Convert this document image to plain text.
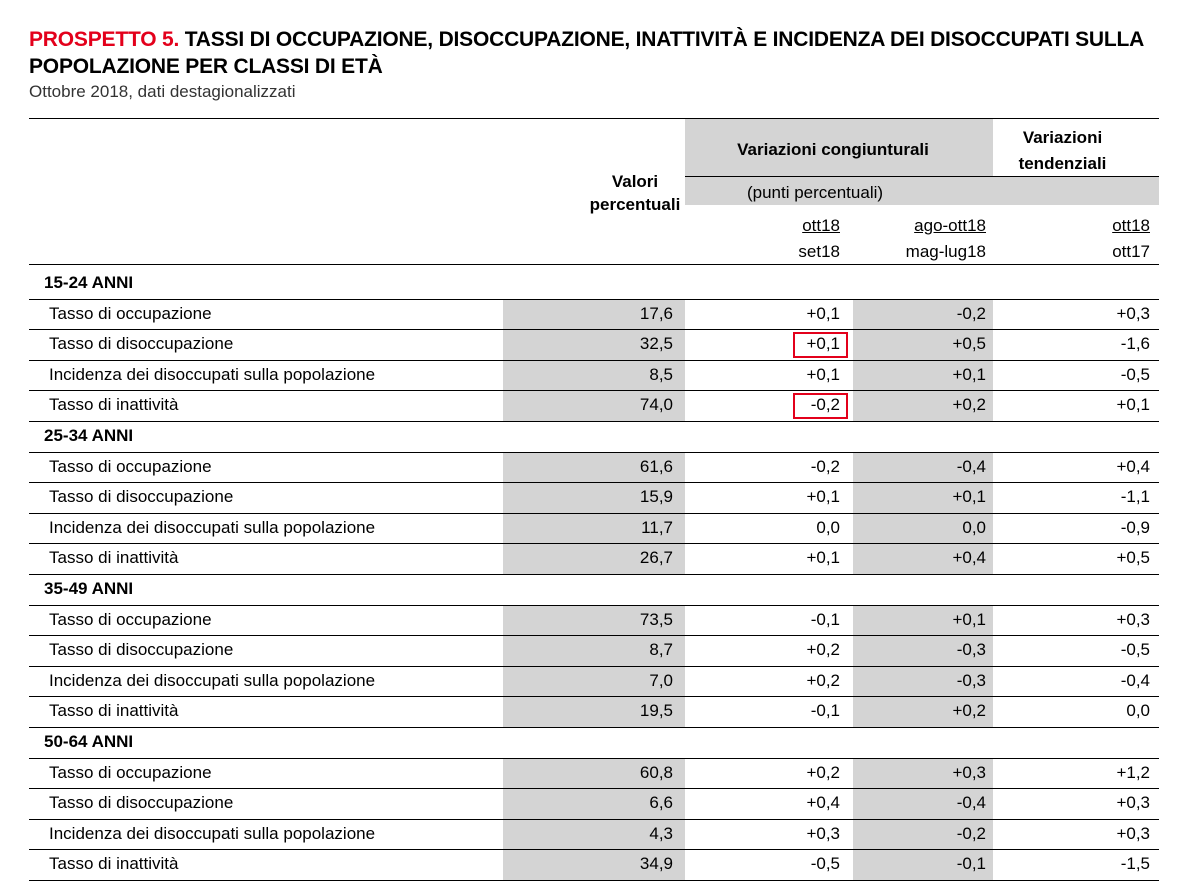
PROSPETTO 5. TASSI DI OCCUPAZIONE, DISOCCUPAZIONE, INATTIVITÀ E INCIDENZA DEI DISOCCUPATI SULLA POPOLAZIONE PER CLASSI DI ETÀ
Ottobre 2018, dati destagionalizzati
Valori percentuali
Variazioni congiunturali
Variazioni tendenziali
(punti percentuali)
ott18
set18
ago-ott18
mag-lug18
ott18
ott17
15-24 ANNI
Tasso di occupazione	17,6	+0,1	-0,2	+0,3
Tasso di disoccupazione	32,5	+0,1	+0,5	-1,6
Incidenza dei disoccupati sulla popolazione	8,5	+0,1	+0,1	-0,5
Tasso di inattività	74,0	-0,2	+0,2	+0,1
25-34 ANNI
Tasso di occupazione	61,6	-0,2	-0,4	+0,4
Tasso di disoccupazione	15,9	+0,1	+0,1	-1,1
Incidenza dei disoccupati sulla popolazione	11,7	0,0	0,0	-0,9
Tasso di inattività	26,7	+0,1	+0,4	+0,5
35-49 ANNI
Tasso di occupazione	73,5	-0,1	+0,1	+0,3
Tasso di disoccupazione	8,7	+0,2	-0,3	-0,5
Incidenza dei disoccupati sulla popolazione	7,0	+0,2	-0,3	-0,4
Tasso di inattività	19,5	-0,1	+0,2	0,0
50-64 ANNI
Tasso di occupazione	60,8	+0,2	+0,3	+1,2
Tasso di disoccupazione	6,6	+0,4	-0,4	+0,3
Incidenza dei disoccupati sulla popolazione	4,3	+0,3	-0,2	+0,3
Tasso di inattività	34,9	-0,5	-0,1	-1,5
